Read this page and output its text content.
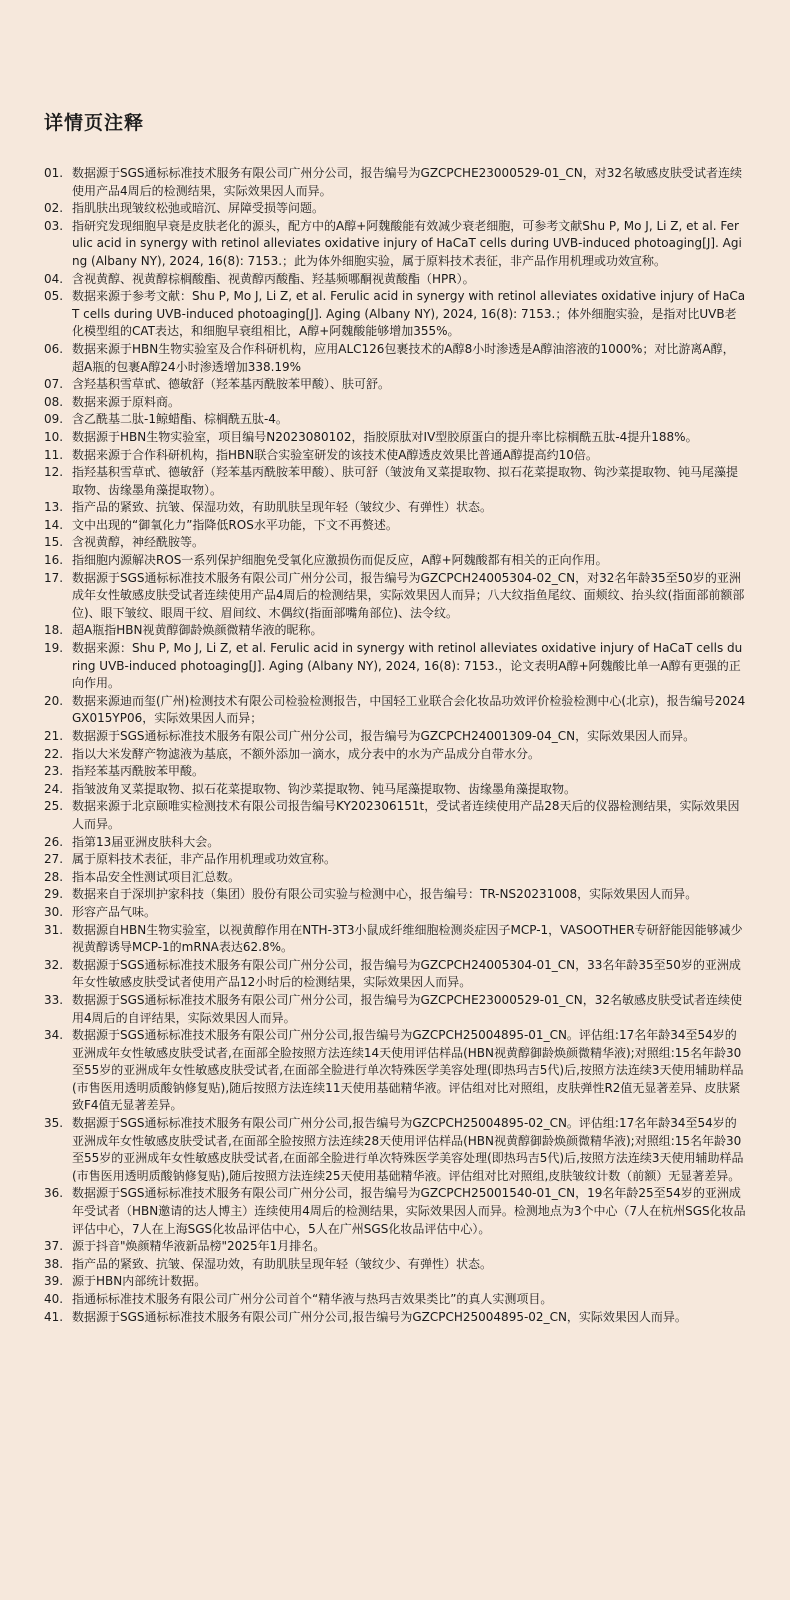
详情页注释
01. 数据源于SGS通标标准技术服务有限公司广州分公司，报告编号为GZCPCHE23000529-01_CN，对32名敏感皮肤受试者连续使用产品4周后的检测结果，实际效果因人而异。
02. 指肌肤出现皱纹松弛或暗沉、屏障受损等问题。
03. 指研究发现细胞早衰是皮肤老化的源头，配方中的A醇+阿魏酸能有效减少衰老细胞，可参考文献Shu P, Mo J, Li Z, et al. Ferulic acid in synergy with retinol alleviates oxidative injury of HaCaT cells during UVB-induced photoaging[J]. Aging (Albany NY), 2024, 16(8): 7153.；此为体外细胞实验，属于原料技术表征，非产品作用机理或功效宣称。
04. 含视黄醇、视黄醇棕榈酸酯、视黄醇丙酸酯、羟基频哪酮视黄酸酯（HPR）。
05. 数据来源于参考文献：Shu P, Mo J, Li Z, et al. Ferulic acid in synergy with retinol alleviates oxidative injury of HaCaT cells during UVB-induced photoaging[J]. Aging (Albany NY), 2024, 16(8): 7153.；体外细胞实验，是指对比UVB老化模型组的CAT表达，和细胞早衰组相比，A醇+阿魏酸能够增加355%。
06. 数据来源于HBN生物实验室及合作科研机构，应用ALC126包裹技术的A醇8小时渗透是A醇油溶液的1000%；对比游离A醇，超A瓶的包裹A醇24小时渗透增加338.19%
07. 含羟基积雪草甙、德敏舒（羟苯基丙酰胺苯甲酸）、肤可舒。
08. 数据来源于原料商。
09. 含乙酰基二肽-1鲸蜡酯、棕榈酰五肽-4。
10. 数据源于HBN生物实验室，项目编号N2023080102，指胶原肽对IV型胶原蛋白的提升率比棕榈酰五肽-4提升188%。
11. 数据来源于合作科研机构，指HBN联合实验室研发的该技术使A醇透皮效果比普通A醇提高约10倍。
12. 指羟基积雪草甙、德敏舒（羟苯基丙酰胺苯甲酸）、肤可舒（皱波角叉菜提取物、拟石花菜提取物、钩沙菜提取物、钝马尾藻提取物、齿缘墨角藻提取物）。
13. 指产品的紧致、抗皱、保湿功效，有助肌肤呈现年轻（皱纹少、有弹性）状态。
14. 文中出现的“御氧化力”指降低ROS水平功能，下文不再赘述。
15. 含视黄醇，神经酰胺等。
16. 指细胞内源解决ROS一系列保护细胞免受氧化应激损伤而促反应，A醇+阿魏酸都有相关的正向作用。
17. 数据源于SGS通标标准技术服务有限公司广州分公司，报告编号为GZCPCH24005304-02_CN，对32名年龄35至50岁的亚洲成年女性敏感皮肤受试者连续使用产品4周后的检测结果，实际效果因人而异；八大纹指鱼尾纹、面颊纹、抬头纹(指面部前额部位)、眼下皱纹、眼周干纹、眉间纹、木偶纹(指面部嘴角部位)、法令纹。
18. 超A瓶指HBN视黄醇御龄焕颜微精华液的昵称。
19. 数据来源：Shu P, Mo J, Li Z, et al. Ferulic acid in synergy with retinol alleviates oxidative injury of HaCaT cells during UVB-induced photoaging[J]. Aging (Albany NY), 2024, 16(8): 7153.，论文表明A醇+阿魏酸比单一A醇有更强的正向作用。
20. 数据来源迪而玺(广州)检测技术有限公司检验检测报告，中国轻工业联合会化妆品功效评价检验检测中心(北京)，报告编号2024GX015YP06，实际效果因人而异；
21. 数据源于SGS通标标准技术服务有限公司广州分公司，报告编号为GZCPCH24001309-04_CN，实际效果因人而异。
22. 指以大米发酵产物滤液为基底，不额外添加一滴水，成分表中的水为产品成分自带水分。
23. 指羟苯基丙酰胺苯甲酸。
24. 指皱波角叉菜提取物、拟石花菜提取物、钩沙菜提取物、钝马尾藻提取物、齿缘墨角藻提取物。
25. 数据来源于北京颐唯实检测技术有限公司报告编号KY202306151t，受试者连续使用产品28天后的仪器检测结果，实际效果因人而异。
26. 指第13届亚洲皮肤科大会。
27. 属于原料技术表征，非产品作用机理或功效宣称。
28. 指本品安全性测试项目汇总数。
29. 数据来自于深圳护家科技（集团）股份有限公司实验与检测中心，报告编号：TR-NS20231008，实际效果因人而异。
30. 形容产品气味。
31. 数据源自HBN生物实验室，以视黄醇作用在NTH-3T3小鼠成纤维细胞检测炎症因子MCP-1，VASOOTHER专研舒能因能够减少视黄醇诱导MCP-1的mRNA表达62.8%。
32. 数据源于SGS通标标准技术服务有限公司广州分公司，报告编号为GZCPCH24005304-01_CN，33名年龄35至50岁的亚洲成年女性敏感皮肤受试者使用产品12小时后的检测结果，实际效果因人而异。
33. 数据源于SGS通标标准技术服务有限公司广州分公司，报告编号为GZCPCHE23000529-01_CN，32名敏感皮肤受试者连续使用4周后的自评结果，实际效果因人而异。
34. 数据源于SGS通标标准技术服务有限公司广州分公司,报告编号为GZCPCH25004895-01_CN。评估组:17名年龄34至54岁的亚洲成年女性敏感皮肤受试者,在面部全脸按照方法连续14天使用评估样品(HBN视黄醇御龄焕颜微精华液);对照组:15名年龄30至55岁的亚洲成年女性敏感皮肤受试者,在面部全脸进行单次特殊医学美容处理(即热玛吉5代)后,按照方法连续3天使用辅助样品(市售医用透明质酸钠修复贴),随后按照方法连续11天使用基础精华液。评估组对比对照组，皮肤弹性R2值无显著差异、皮肤紧致F4值无显著差异。
35. 数据源于SGS通标标准技术服务有限公司广州分公司,报告编号为GZCPCH25004895-02_CN。评估组:17名年龄34至54岁的亚洲成年女性敏感皮肤受试者,在面部全脸按照方法连续28天使用评估样品(HBN视黄醇御龄焕颜微精华液);对照组:15名年龄30至55岁的亚洲成年女性敏感皮肤受试者,在面部全脸进行单次特殊医学美容处理(即热玛吉5代)后,按照方法连续3天使用辅助样品(市售医用透明质酸钠修复贴),随后按照方法连续25天使用基础精华液。评估组对比对照组,皮肤皱纹计数（前额）无显著差异。
36. 数据源于SGS通标标准技术服务有限公司广州分公司，报告编号为GZCPCH25001540-01_CN，19名年龄25至54岁的亚洲成年受试者（HBN邀请的达人博主）连续使用4周后的检测结果，实际效果因人而异。检测地点为3个中心（7人在杭州SGS化妆品评估中心，7人在上海SGS化妆品评估中心，5人在广州SGS化妆品评估中心）。
37. 源于抖音"焕颜精华液新品榜"2025年1月排名。
38. 指产品的紧致、抗皱、保湿功效，有助肌肤呈现年轻（皱纹少、有弹性）状态。
39. 源于HBN内部统计数据。
40. 指通标标准技术服务有限公司广州分公司首个“精华液与热玛吉效果类比”的真人实测项目。
41. 数据源于SGS通标标准技术服务有限公司广州分公司,报告编号为GZCPCH25004895-02_CN，实际效果因人而异。
